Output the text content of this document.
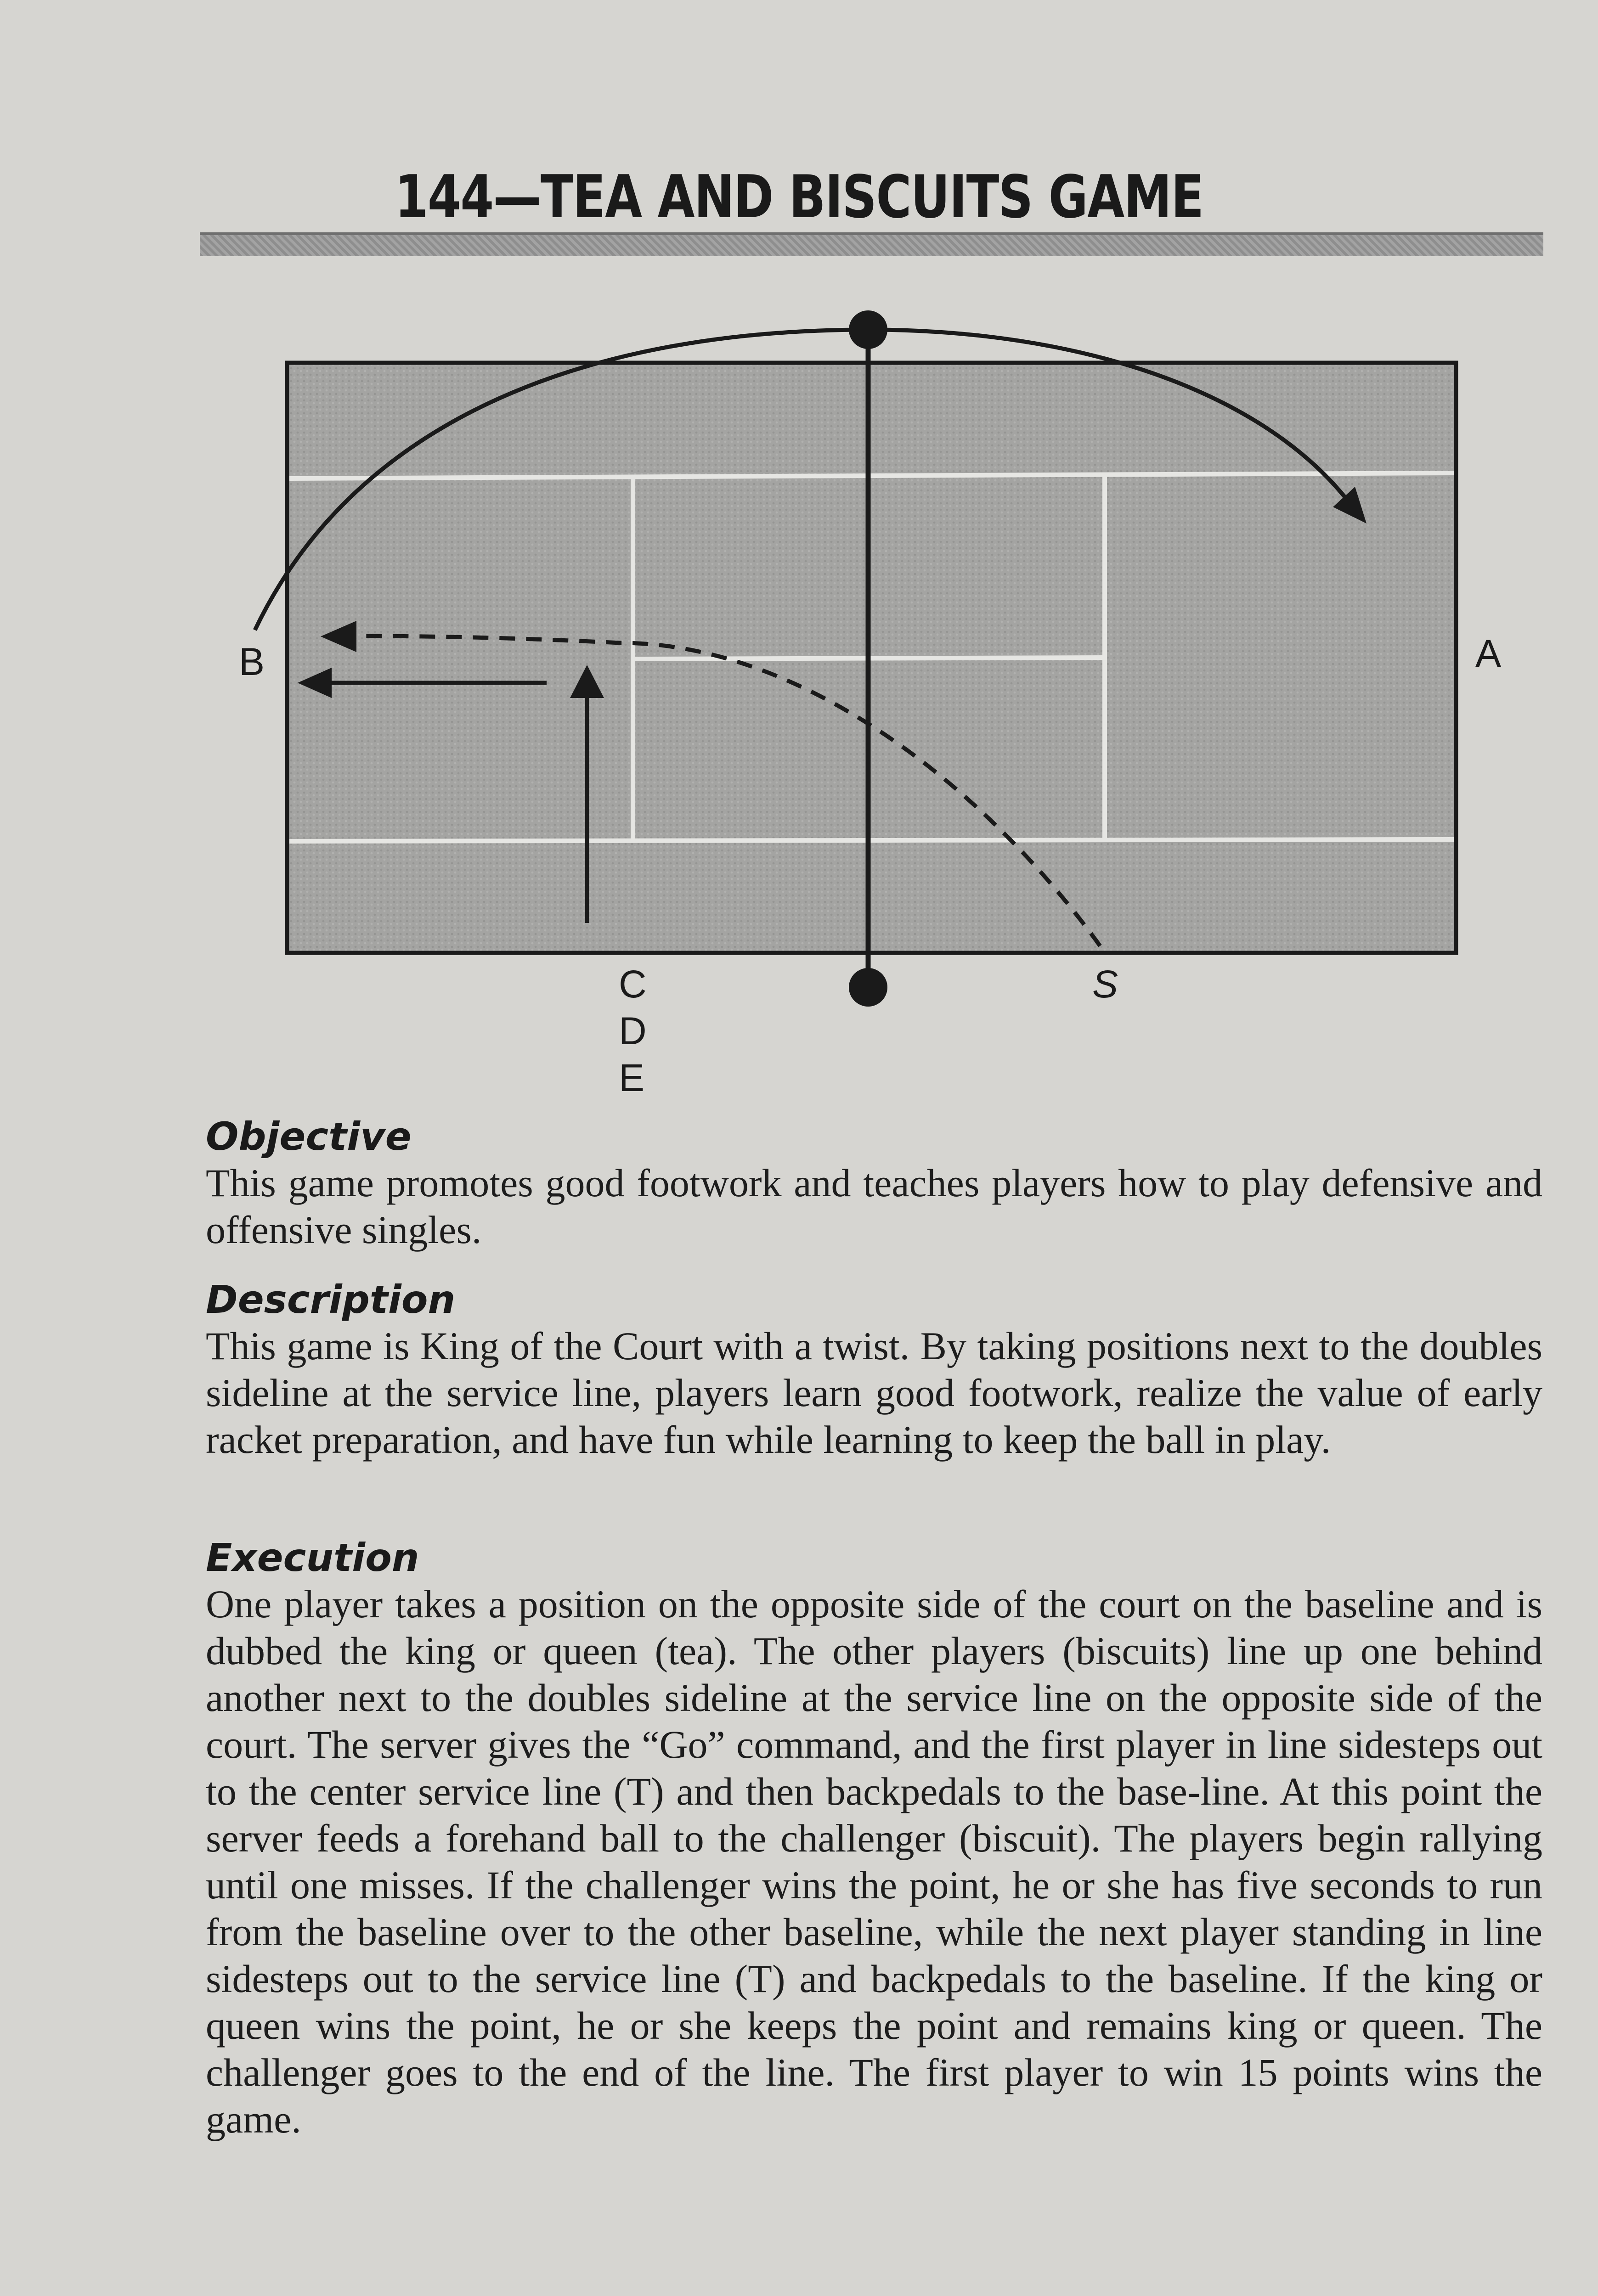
144—TEA AND BISCUITS GAME
A
B
C
D
E
S
Objective

This game promotes good footwork and teaches players how to play defensive and offensive singles.

Description

This game is King of the Court with a twist. By taking positions next to the doubles sideline at the service line, players learn good footwork, realize the value of early racket preparation, and have fun while learning to keep the ball in play.

Execution

One player takes a position on the opposite side of the court on the baseline and is dubbed the king or queen (tea). The other players (biscuits) line up one behind another next to the doubles sideline at the service line on the opposite side of the court. The server gives the “Go” command, and the first player in line sidesteps out to the center service line (T) and then backpedals to the base-line. At this point the server feeds a forehand ball to the challenger (biscuit). The players begin rallying until one misses. If the challenger wins the point, he or she has five seconds to run from the baseline over to the other baseline, while the next player standing in line sidesteps out to the service line (T) and backpedals to the baseline. If the king or queen wins the point, he or she keeps the point and remains king or queen. The challenger goes to the end of the line. The first player to win 15 points wins the game.
